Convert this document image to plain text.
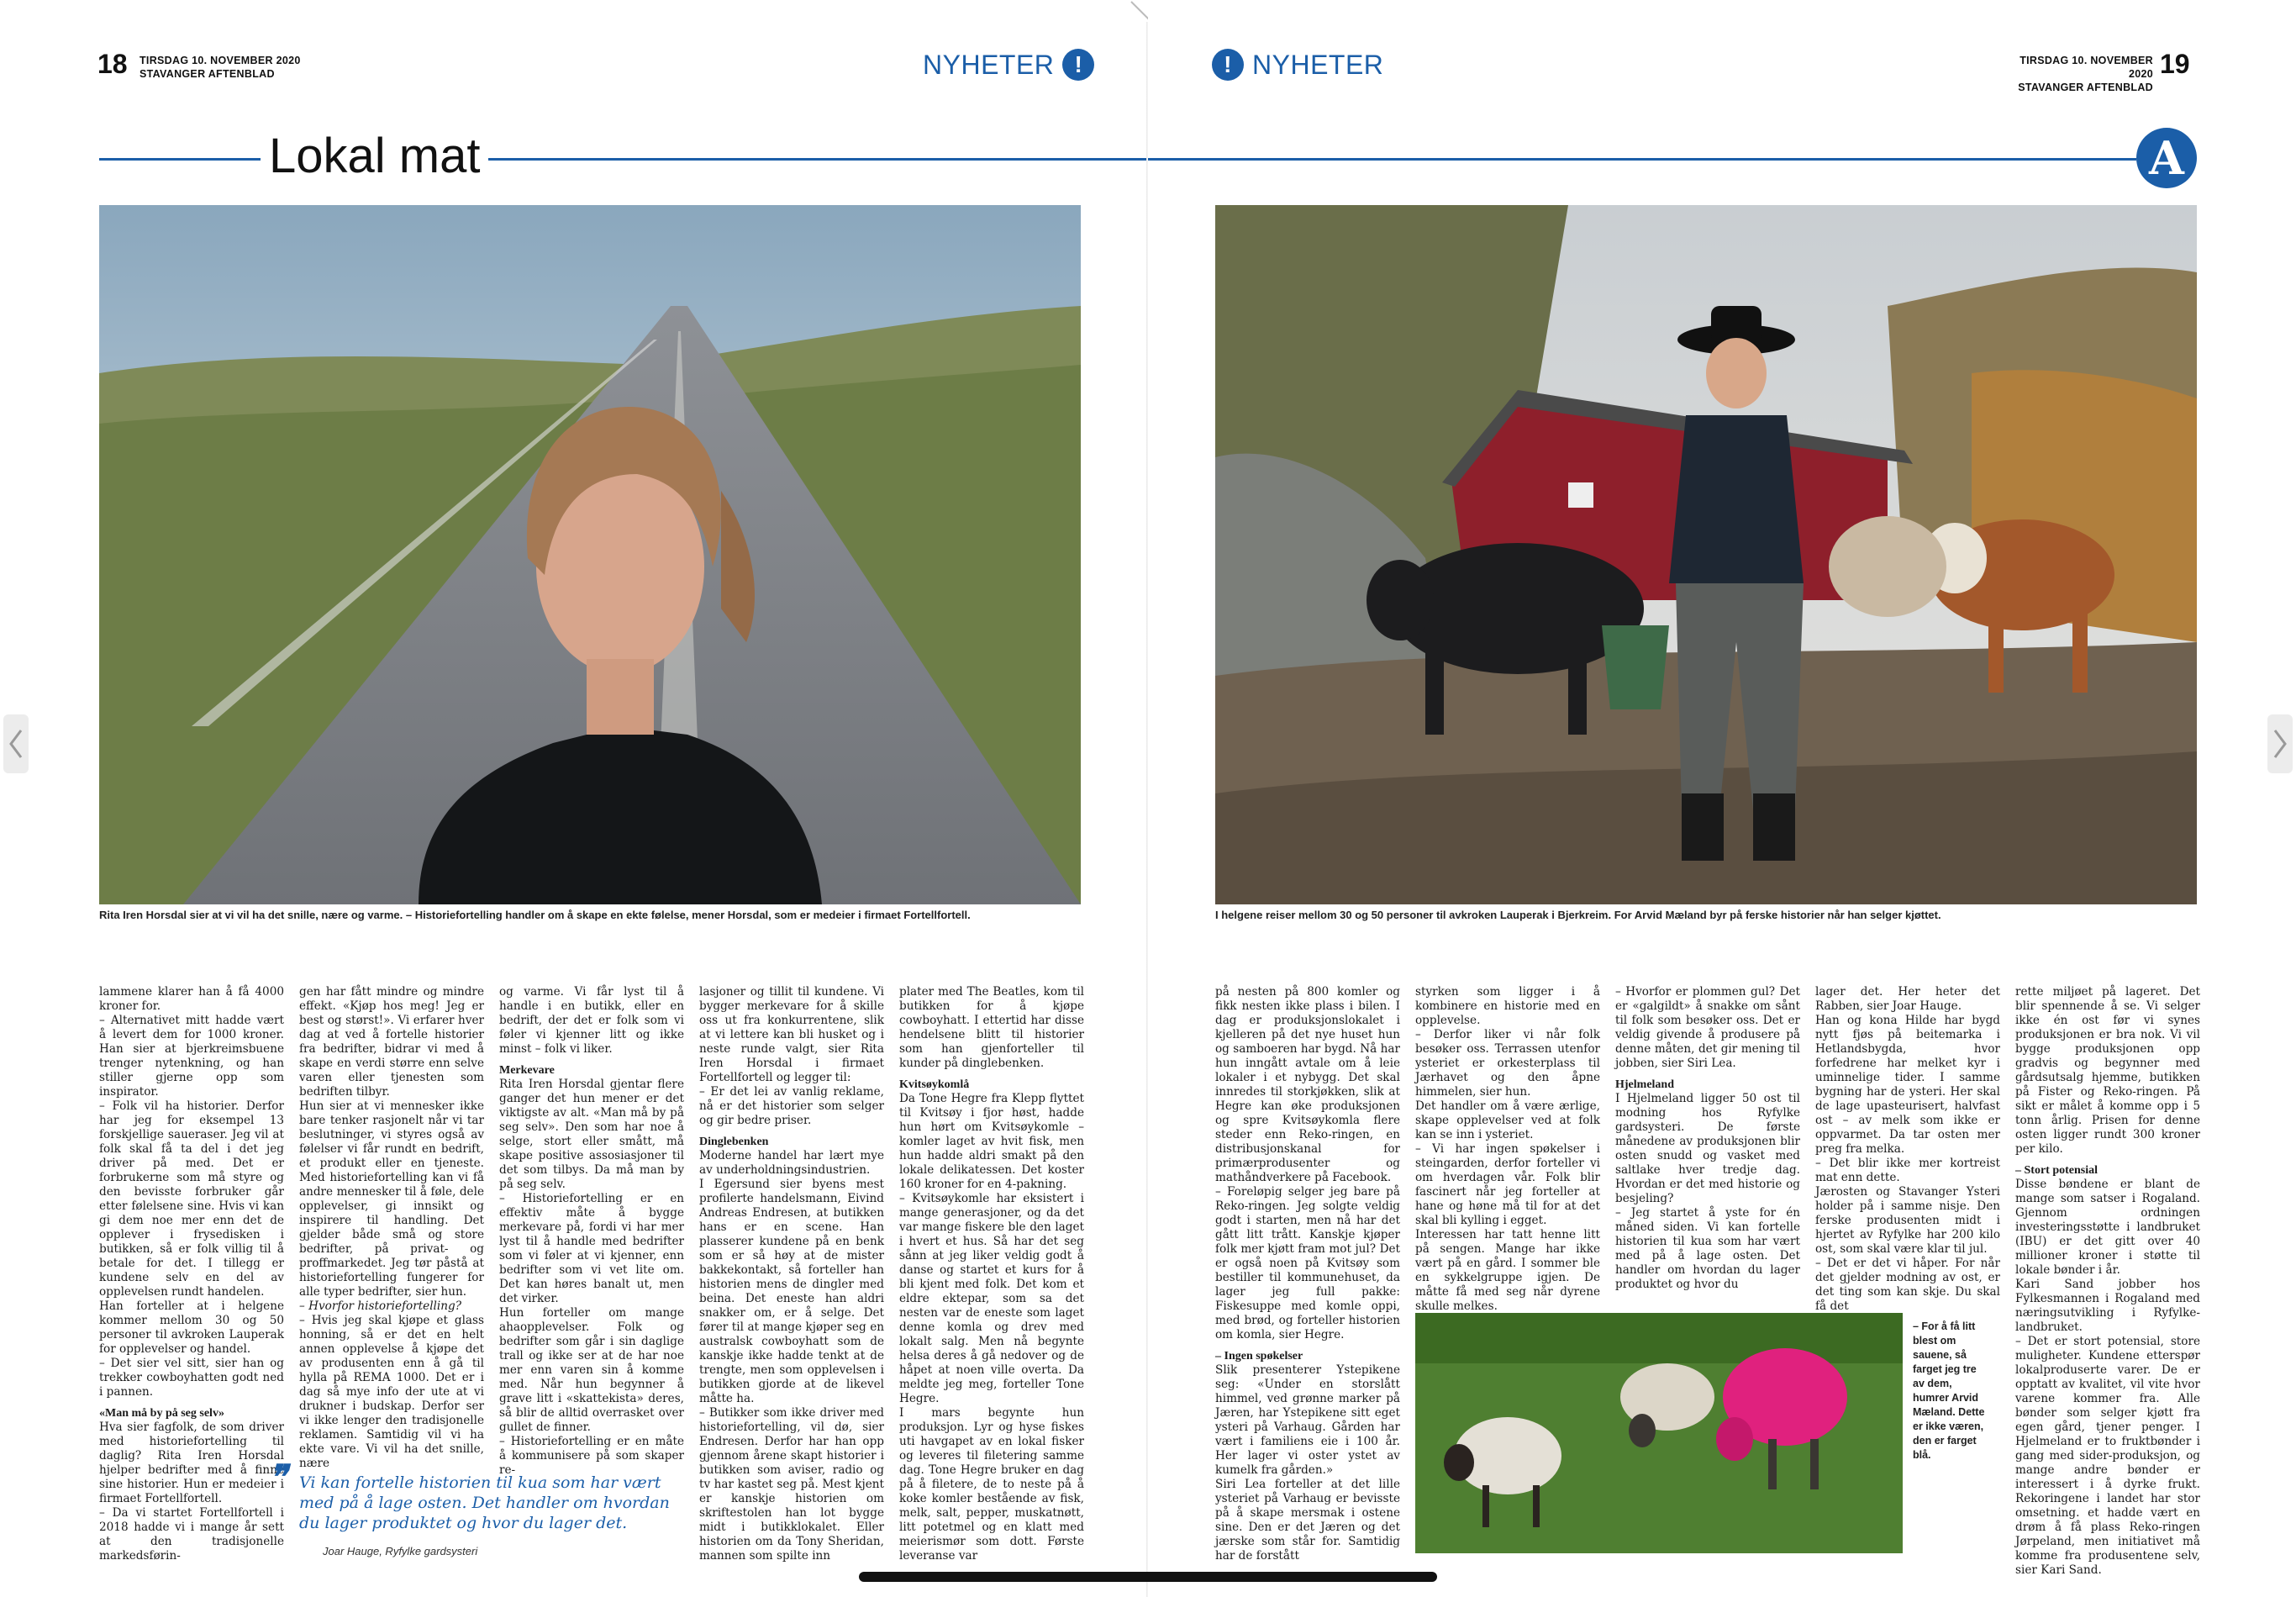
18 TIRSDAG 10. NOVEMBER 2020
STAVANGER AFTENBLAD	NYHETER !
Lokal mat
Rita Iren Horsdal sier at vi vil ha det snille, nære og varme. – Historiefortelling handler om å skape en ekte følelse, mener Horsdal, som er medeier i firmaet Fortellfortell.

lammene klarer han å få 4000 kroner for.

– Alternativet mitt hadde vært å levert dem for 1000 kroner. Han sier at bjerkreimsbuene trenger nytenkning, og han stiller gjerne opp som inspirator.

– Folk vil ha historier. Derfor har jeg for eksempel 13 forskjellige saueraser. Jeg vil at folk skal få ta del i det jeg driver på med. Det er forbrukerne som må styre og den bevisste forbruker går etter følelsene sine. Hvis vi kan gi dem noe mer enn det de opplever i frysedisken i butikken, så er folk villig til å betale for det. I tillegg er kundene selv en del av opplevelsen rundt handelen.

Han forteller at i helgene kommer mellom 30 og 50 personer til avkroken Lauperak for opplevelser og handel.

– Det sier vel sitt, sier han og trekker cowboyhatten godt ned i pannen.

«Man må by på seg selv»

Hva sier fagfolk, de som driver med historiefortelling til daglig? Rita Iren Horsdal hjelper bedrifter med å finne sine historier. Hun er medeier i firmaet Fortellfortell.

– Da vi startet Fortellfortell i 2018 hadde vi i mange år sett at den tradisjonelle markedsførin-

gen har fått mindre og mindre effekt. «Kjøp hos meg! Jeg er best og størst!». Vi erfarer hver dag at ved å fortelle historier fra bedrifter, bidrar vi med å skape en verdi større enn selve varen eller tjenesten som bedriften tilbyr.

Hun sier at vi mennesker ikke bare tenker rasjonelt når vi tar beslutninger, vi styres også av følelser vi får rundt en bedrift, et produkt eller en tjeneste. Med historiefortelling kan vi få andre mennesker til å føle, dele opplevelser, gi innsikt og inspirere til handling. Det gjelder både små og store bedrifter, på privat- og proffmarkedet. Jeg tør påstå at historiefortelling fungerer for alle typer bedrifter, sier hun.

– Hvorfor historiefortelling?

– Hvis jeg skal kjøpe et glass honning, så er det en helt annen opplevelse å kjøpe det av produsenten enn å gå til hylla på REMA 1000. Det er i dag så mye info der ute at vi drukner i budskap. Derfor ser vi ikke lenger den tradisjonelle reklamen. Samtidig vil vi ha ekte vare. Vi vil ha det snille, nære

og varme. Vi får lyst til å handle i en butikk, eller en bedrift, der det er folk som vi føler vi kjenner litt og ikke minst – folk vi liker.

Merkevare

Rita Iren Horsdal gjentar flere ganger det hun mener er det viktigste av alt. «Man må by på seg selv». Den som har noe å selge, stort eller smått, må skape positive assosiasjoner til det som tilbys. Da må man by på seg selv.

– Historiefortelling er en effektiv måte å bygge merkevare på, fordi vi har mer lyst til å handle med bedrifter som vi føler at vi kjenner, enn bedrifter som vi vet lite om. Det kan høres banalt ut, men det virker.

Hun forteller om mange ahaopplevelser. Folk og bedrifter som går i sin daglige trall og ikke ser at de har noe mer enn varen sin å komme med. Når hun begynner å grave litt i «skattekista» deres, så blir de alltid overrasket over gullet de finner.

– Historiefortelling er en måte å kommunisere på som skaper re-

lasjoner og tillit til kundene. Vi bygger merkevare for å skille oss ut fra konkurrentene, slik at vi lettere kan bli husket og i neste runde valgt, sier Rita Iren Horsdal i firmaet Fortellfortell og legger til:

– Er det lei av vanlig reklame, nå er det historier som selger og gir bedre priser.

Dinglebenken

Moderne handel har lært mye av underholdningsindustrien.

I Egersund sier byens mest profilerte handelsmann, Eivind Andreas Endresen, at butikken hans er en scene. Han plasserer kundene på en benk som er så høy at de mister bakkekontakt, så forteller han historien mens de dingler med beina. Det eneste han aldri snakker om, er å selge. Det fører til at mange kjøper seg en australsk cowboyhatt som de kanskje ikke hadde tenkt at de trengte, men som opplevelsen i butikken gjorde at de likevel måtte ha.

– Butikker som ikke driver med historiefortelling, vil dø, sier Endresen. Derfor har han opp gjennom årene skapt historier i butikken som aviser, radio og tv har kastet seg på. Mest kjent er kanskje historien om skriftestolen han lot bygge midt i butikklokalet. Eller historien om da Tony Sheridan, mannen som spilte inn

plater med The Beatles, kom til butikken for å kjøpe cowboyhatt. I ettertid har disse hendelsene blitt til historier som han gjenforteller til kunder på dinglebenken.

Kvitsøykomlå

Da Tone Hegre fra Klepp flyttet til Kvitsøy i fjor høst, hadde hun hørt om Kvitsøykomle – komler laget av hvit fisk, men hun hadde aldri smakt på den lokale delikatessen. Det koster 160 kroner for en 4-pakning.

– Kvitsøykomle har eksistert i mange generasjoner, og da det var mange fiskere ble den laget i hvert et hus. Så har det seg sånn at jeg liker veldig godt å danse og startet et kurs for å bli kjent med folk. Det kom et eldre ektepar, som sa det nesten var de eneste som laget denne komla og drev med lokalt salg. Men nå begynte helsa deres å gå nedover og de håpet at noen ville overta. Da meldte jeg meg, forteller Tone Hegre.

I mars begynte hun produksjon. Lyr og hyse fiskes uti havgapet av en lokal fisker og leveres til filetering samme dag. Tone Hegre bruker en dag på å filetere, de to neste på å koke komler bestående av fisk, melk, salt, pepper, muskatnøtt, litt potetmel og en klatt med meierismør som dott. Første leveranse var

❞ Vi kan fortelle historien til kua som har vært med på å lage osten. Det handler om hvordan du lager produktet og hvor du lager det.
Joar Hauge, Ryfylke gardsysteri
! NYHETER	TIRSDAG 10. NOVEMBER 2020
STAVANGER AFTENBLAD
19
A
I helgene reiser mellom 30 og 50 personer til avkroken Lauperak i Bjerkreim. For Arvid Mæland byr på ferske historier når han selger kjøttet.

på nesten på 800 komler og fikk nesten ikke plass i bilen. I dag er produksjonslokalet i kjelleren på det nye huset hun og samboeren har bygd. Nå har hun inngått avtale om å leie lokaler i et nybygg. Det skal innredes til storkjøkken, slik at Hegre kan øke produksjonen og spre Kvitsøykomla flere steder enn Reko-ringen, en distribusjonskanal for primærprodusenter og mathåndverkere på Facebook.

– Foreløpig selger jeg bare på Reko-ringen. Jeg solgte veldig godt i starten, men nå har det gått litt trått. Kanskje kjøper folk mer kjøtt fram mot jul? Det er også noen på Kvitsøy som bestiller til kommunehuset, da lager jeg full pakke: Fiskesuppe med komle oppi, med brød, og forteller historien om komla, sier Hegre.

– Ingen spøkelser

Slik presenterer Ystepikene seg: «Under en storslått himmel, ved grønne marker på Jæren, har Ystepikene sitt eget ysteri på Varhaug. Gården har vært i familiens eie i 100 år. Her lager vi oster ystet av kumelk fra gården.»

Siri Lea forteller at det lille ysteriet på Varhaug er bevisste på å skape mersmak i ostene sine. Den er det Jæren og det jærske som står for. Samtidig har de forstått

styrken som ligger i å kombinere en historie med en opplevelse.

– Derfor liker vi når folk besøker oss. Terrassen utenfor ysteriet er orkesterplass til Jærhavet og den åpne himmelen, sier hun.

Det handler om å være ærlige, skape opplevelser ved at folk kan se inn i ysteriet.

– Vi har ingen spøkelser i steingarden, derfor forteller vi om hverdagen vår. Folk blir fascinert når jeg forteller at hane og høne må til for at det skal bli kylling i egget.

Interessen har tatt henne litt på sengen. Mange har ikke vært på en gård. I sommer ble en sykkelgruppe igjen. De måtte få med seg når dyrene skulle melkes.

– Hvorfor er plommen gul? Det er «galgildt» å snakke om sånt til folk som besøker oss. Det er veldig givende å produsere på denne måten, det gir mening til jobben, sier Siri Lea.

Hjelmeland

I Hjelmeland ligger 50 ost til modning hos Ryfylke gardsysteri. De første månedene av produksjonen blir osten snudd og vasket med saltlake hver tredje dag. Hvordan er det med historie og besjeling?

– Jeg startet å yste for én måned siden. Vi kan fortelle historien til kua som har vært med på å lage osten. Det handler om hvordan du lager produktet og hvor du

lager det. Her heter det Rabben, sier Joar Hauge.

Han og kona Hilde har bygd nytt fjøs på beitemarka i Hetlandsbygda, hvor forfedrene har melket kyr i uminnelige tider. I samme bygning har de ysteri. Her skal de lage upasteurisert, halvfast ost – av melk som ikke er oppvarmet. Da tar osten mer preg fra melka.

– Det blir ikke mer kortreist mat enn dette.

Jærosten og Stavanger Ysteri holder på i samme nisje. Den ferske produsenten midt i hjertet av Ryfylke har 200 kilo ost, som skal være klar til jul.

– Det er det vi håper. For når det gjelder modning av ost, er det ting som kan skje. Du skal få det

rette miljøet på lageret. Det blir spennende å se. Vi selger ikke én ost før vi synes produksjonen er bra nok. Vi vil bygge produksjonen opp gradvis og begynner med gårdsutsalg hjemme, butikken på Fister og Reko-ringen. På sikt er målet å komme opp i 5 tonn årlig. Prisen for denne osten ligger rundt 300 kroner per kilo.

– Stort potensial

Disse bøndene er blant de mange som satser i Rogaland. Gjennom ordningen investeringsstøtte i landbruket (IBU) er det gitt over 40 millioner kroner i støtte til lokale bønder i år.

Kari Sand jobber hos Fylkesmannen i Rogaland med næringsutvikling i Ryfylke-landbruket.

– Det er stort potensial, store muligheter. Kundene etterspør lokalproduserte varer. De er opptatt av kvalitet, vil vite hvor varene kommer fra. Alle bønder som selger kjøtt fra egen gård, tjener penger. I Hjelmeland er to fruktbønder i gang med sider-produksjon, og mange andre bønder er interessert i å dyrke frukt. Rekoringene i landet har stor omsetning. et hadde vært en drøm å få plass Reko-ringen Jørpeland, men initiativet må komme fra produsentene selv, sier Kari Sand.

– For å få litt blest om sauene, så farget jeg tre av dem, humrer Arvid Mæland. Dette er ikke væren, den er farget blå.
